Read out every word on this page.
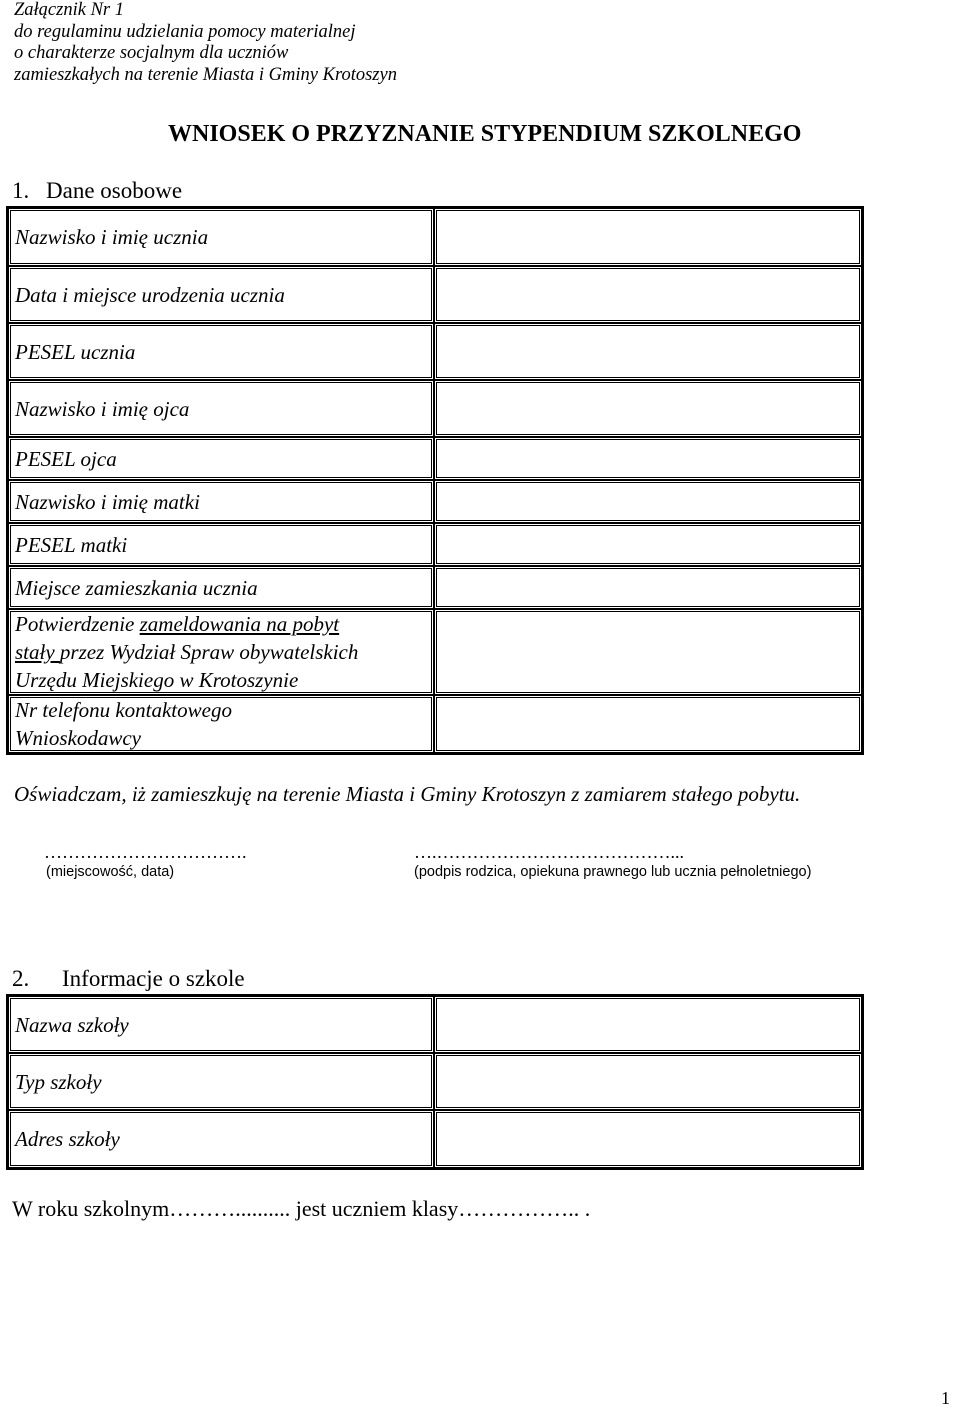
Załącznik Nr 1
do regulaminu udzielania pomocy materialnej
o charakterze socjalnym dla uczniów
zamieszkałych na terenie Miasta i Gminy Krotoszyn
WNIOSEK O PRZYZNANIE STYPENDIUM SZKOLNEGO
1. Dane osobowe
Nazwisko i imię ucznia	
Data i miejsce urodzenia ucznia	
PESEL ucznia	
Nazwisko i imię ojca	
PESEL ojca	
Nazwisko i imię matki	
PESEL matki	
Miejsce zamieszkania ucznia	
Potwierdzenie zameldowania na pobyt
stały przez Wydział Spraw obywatelskich
Urzędu Miejskiego w Krotoszynie	
Nr telefonu kontaktowego
Wnioskodawcy	
Oświadczam, iż zamieszkuję na terenie Miasta i Gminy Krotoszyn z zamiarem stałego pobytu.
…………………………….
(miejscowość, data)
….…………………………………...
(podpis rodzica, opiekuna prawnego lub ucznia pełnoletniego)
2. Informacje o szkole
Nazwa szkoły	
Typ szkoły	
Adres szkoły	
W roku szkolnym……….......... jest uczniem klasy…………….. .
1
